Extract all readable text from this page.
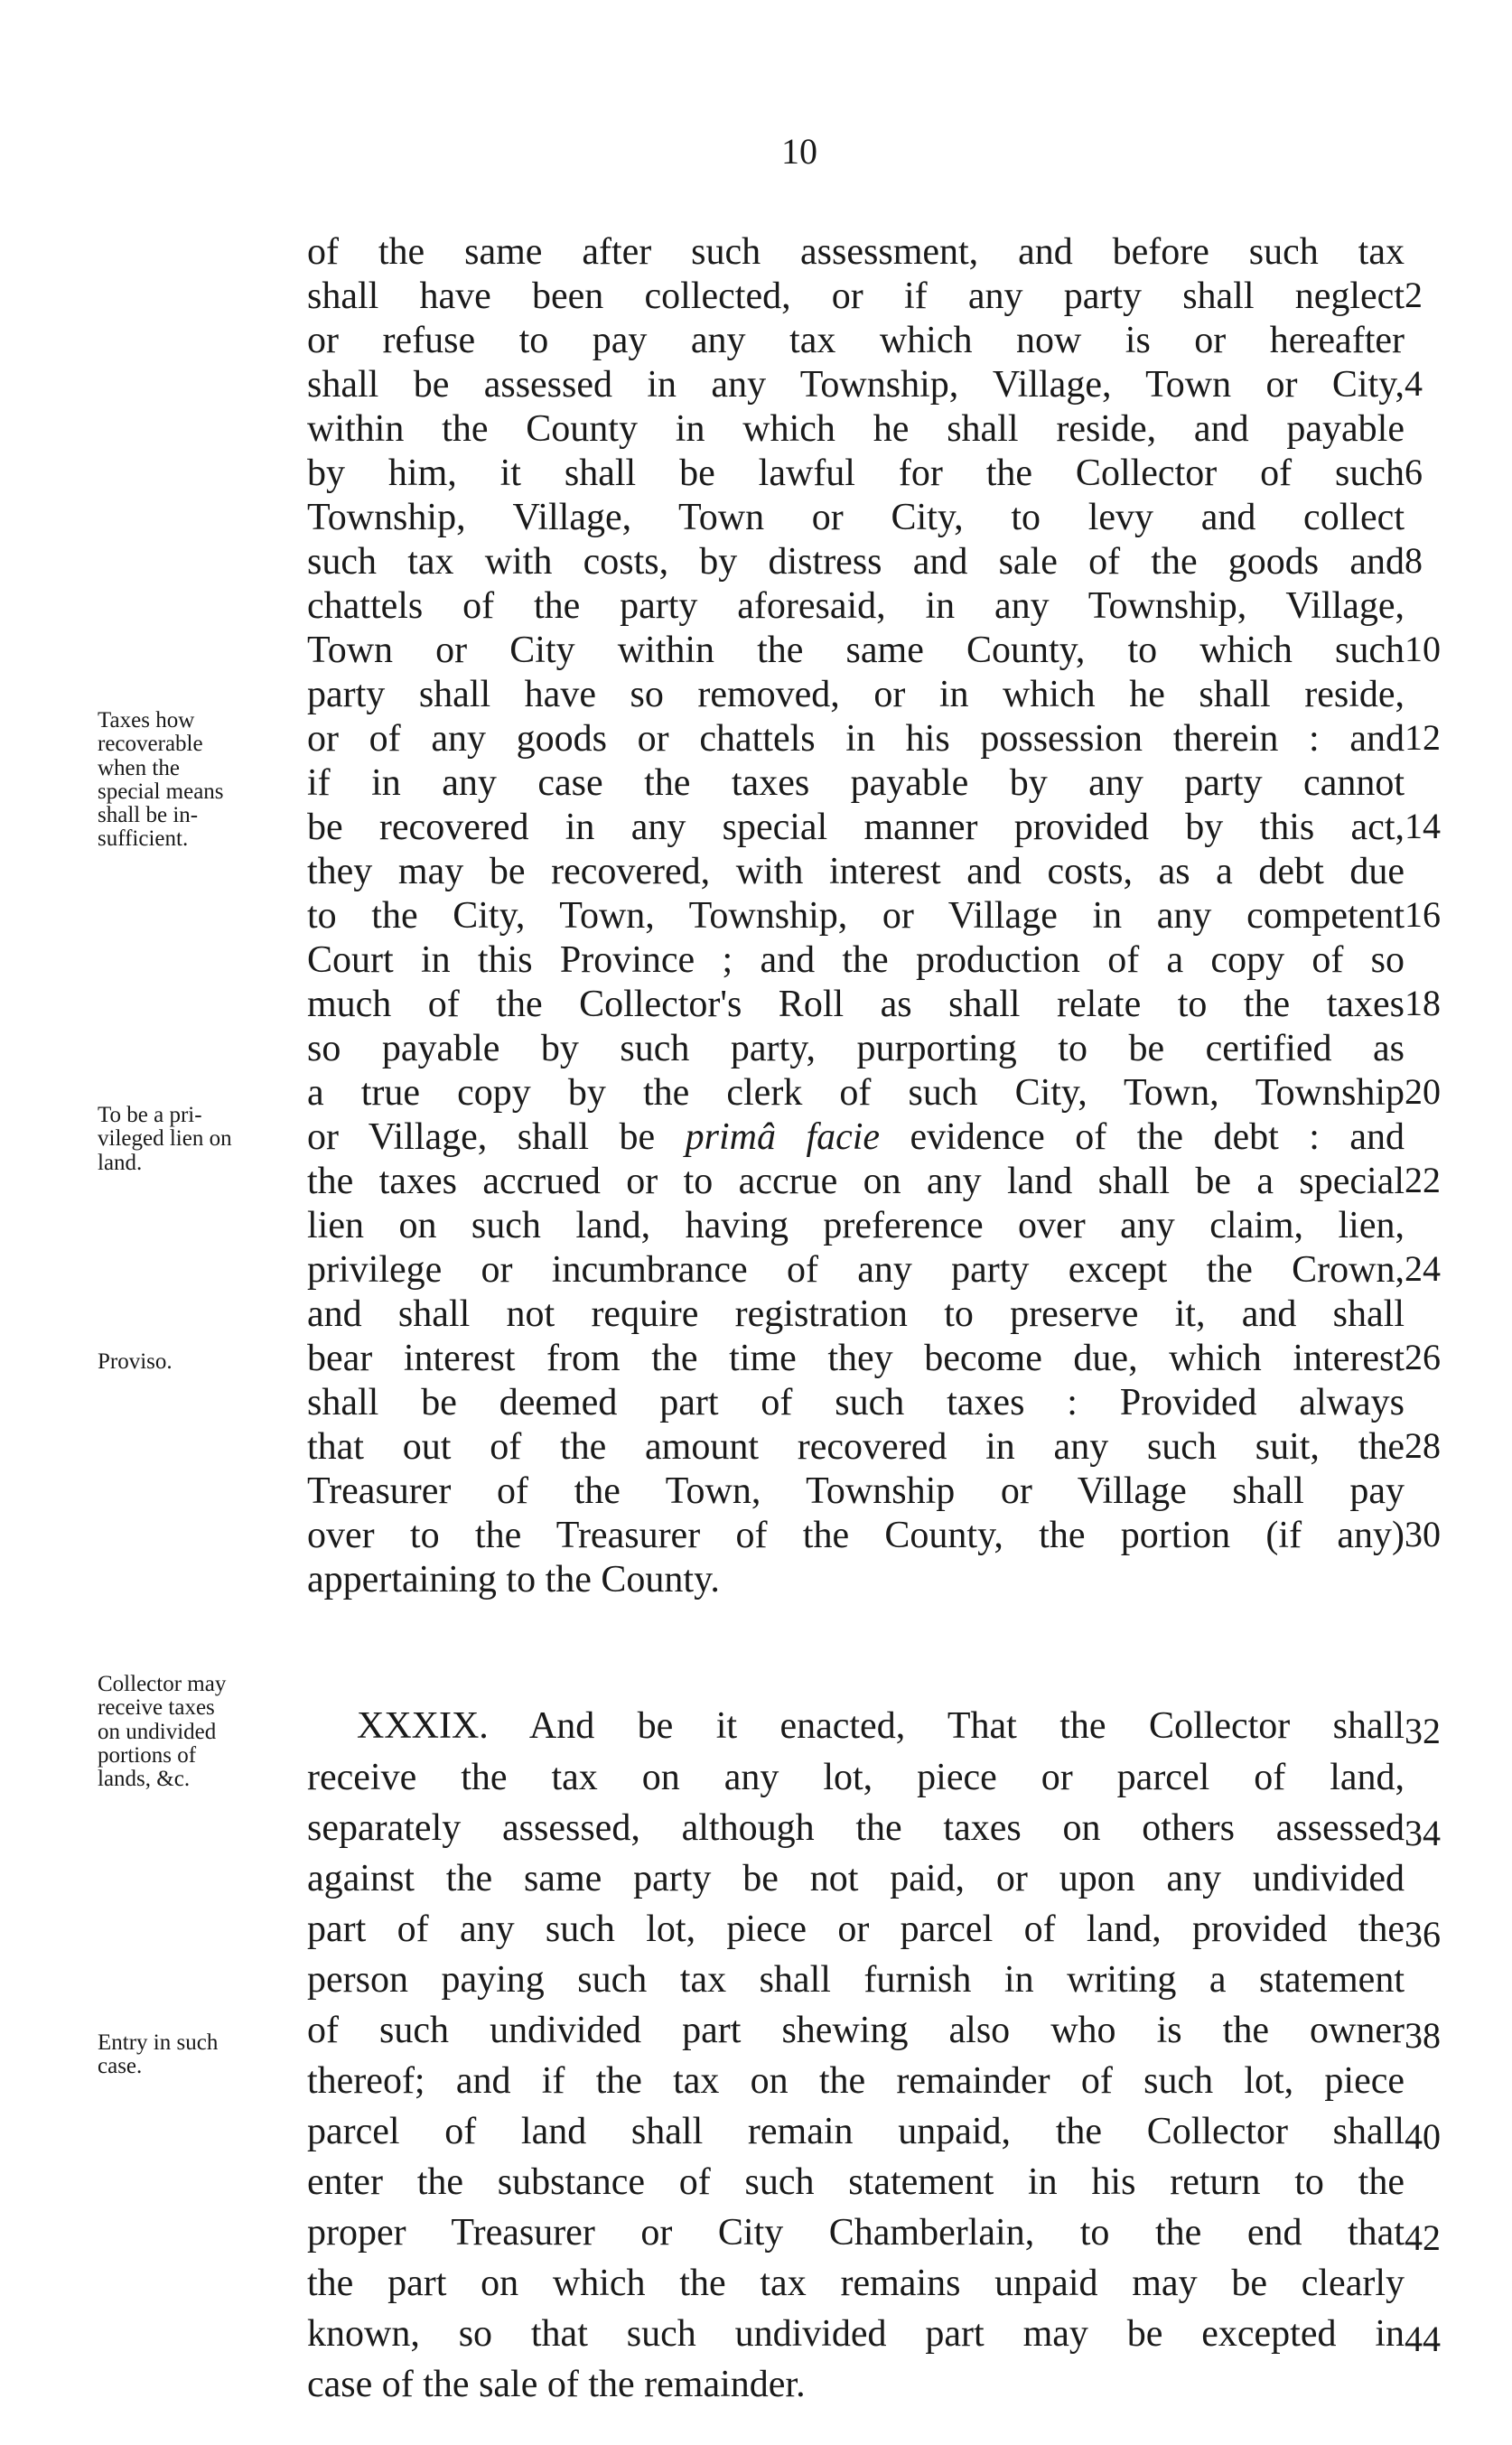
10
of the same after such assessment, and before such tax
shall have been collected, or if any party shall neglect
or refuse to pay any tax which now is or hereafter
shall be assessed in any Township, Village, Town or City,
within the County in which he shall reside, and payable
by him, it shall be lawful for the Collector of such
Township, Village, Town or City, to levy and collect
such tax with costs, by distress and sale of the goods and
chattels of the party aforesaid, in any Township, Village,
Town or City within the same County, to which such
party shall have so removed, or in which he shall reside,
or of any goods or chattels in his possession therein : and
if in any case the taxes payable by any party cannot
be recovered in any special manner provided by this act,
they may be recovered, with interest and costs, as a debt due
to the City, Town, Township, or Village in any competent
Court in this Province ; and the production of a copy of so
much of the Collector's Roll as shall relate to the taxes
so payable by such party, purporting to be certified as
a true copy by the clerk of such City, Town, Township
or Village, shall be primâ facie evidence of the debt : and
the taxes accrued or to accrue on any land shall be a special
lien on such land, having preference over any claim, lien,
privilege or incumbrance of any party except the Crown,
and shall not require registration to preserve it, and shall
bear interest from the time they become due, which interest
shall be deemed part of such taxes : Provided always
that out of the amount recovered in any such suit, the
Treasurer of the Town, Township or Village shall pay
over to the Treasurer of the County, the portion (if any)
appertaining to the County.
XXXIX. And be it enacted, That the Collector shall
receive the tax on any lot, piece or parcel of land,
separately assessed, although the taxes on others assessed
against the same party be not paid, or upon any undivided
part of any such lot, piece or parcel of land, provided the
person paying such tax shall furnish in writing a statement
of such undivided part shewing also who is the owner
thereof; and if the tax on the remainder of such lot, piece
parcel of land shall remain unpaid, the Collector shall
enter the substance of such statement in his return to the
proper Treasurer or City Chamberlain, to the end that
the part on which the tax remains unpaid may be clearly
known, so that such undivided part may be excepted in
case of the sale of the remainder.
2
4
6
8
10
12
14
16
18
20
22
24
26
28
30
32
34
36
38
40
42
44
Taxes how
recoverable
when the
special means
shall be in-
sufficient.
To be a pri-
vileged lien on
land.
Proviso.
Collector may
receive taxes
on undivided
portions of
lands, &c.
Entry in such
case.
